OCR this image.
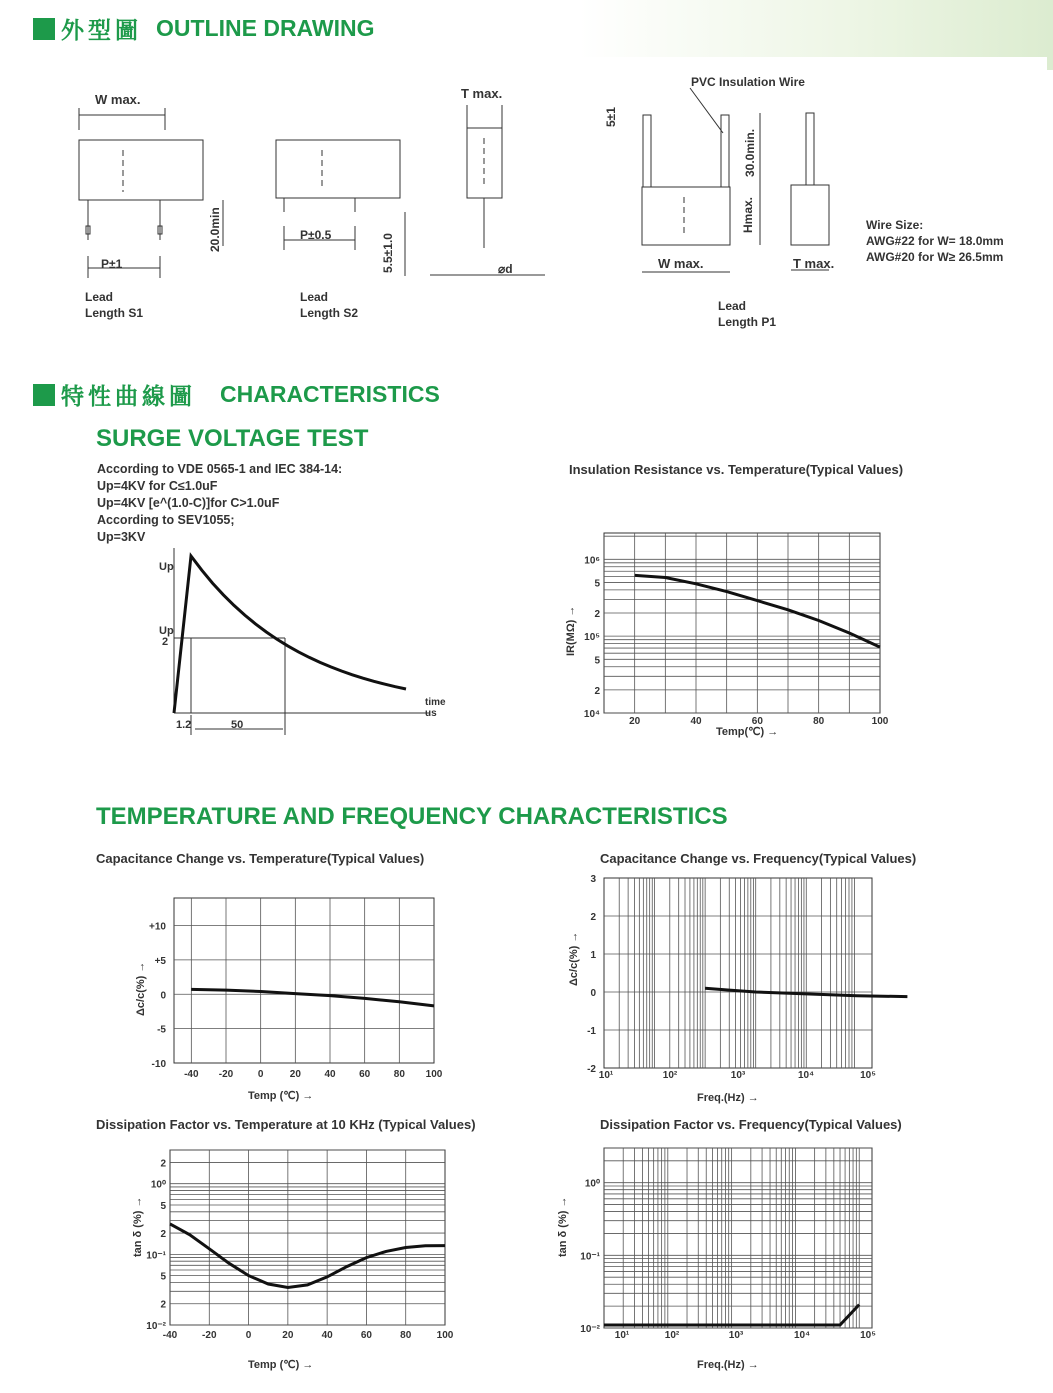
外型圖 OUTLINE DRAWING
特性曲線圖 CHARACTERISTICS
SURGE VOLTAGE TEST
TEMPERATURE AND FREQUENCY CHARACTERISTICS
According to VDE 0565-1 and IEC 384-14:
Up=4KV for C≤1.0uF
Up=4KV [e^(1.0-C)]for C>1.0uF
According to SEV1055;
Up=3KV
Insulation Resistance vs. Temperature(Typical Values)
Capacitance Change vs. Temperature(Typical Values)	Capacitance Change vs. Frequency(Typical Values)
Dissipation Factor vs. Temperature at 10 KHz (Typical Values)	Dissipation Factor vs. Frequency(Typical Values)
W max.	T max.
P±1
P±0.5
⌀d
PVC Insulation Wire
W max.	T max.
Lead
Length S1
Lead
Length S2	Lead
Length P1
Wire Size:
AWG#22 for W= 18.0mm
AWG#20 for W≥ 26.5mm
20.0min
5.5±1.0
5±1
30.0min.
Hmax.
Up
Up
2
1.2	50
time
us
Temp(℃) →
IR(MΩ) →
Temp (℃) →
Δc/c(%) →
Freq.(Hz) →
Δc/c(%) →
Temp (℃) →
tan δ (%) →
Freq.(Hz) →
tan δ (%) →
20	40	60	80	100
10⁶
5
2
10⁵
5
2
10⁴
-40 -20 0	20 40 60 80 100
+10
+5
0
-5
-10
10¹	10²	10³	10⁴	10⁵
3
2
1
0
-1
-2
-40 -20	0	20	40	60	80	100
2
10⁰
5
2
10⁻¹
5
2
10⁻²
10¹	10²	10³	10⁴	10⁵
10⁰
10⁻¹
10⁻²
